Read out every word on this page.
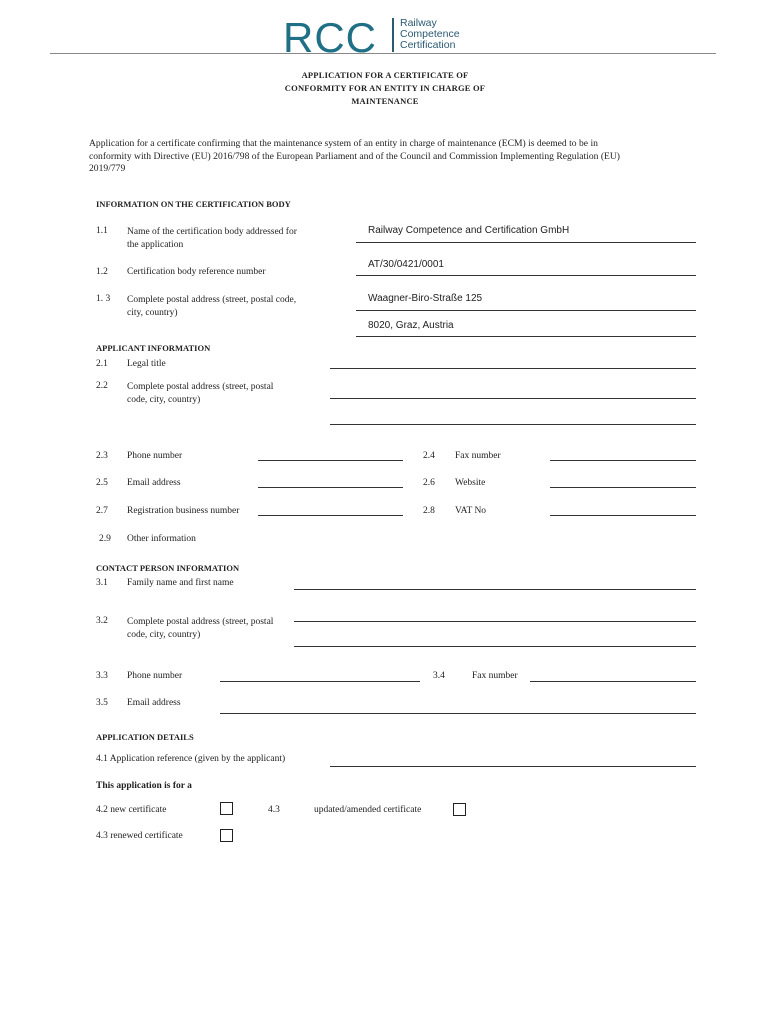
RCC Railway
Competence
Certification
APPLICATION FOR A CERTIFICATE OF
CONFORMITY FOR AN ENTITY IN CHARGE OF
MAINTENANCE
Application for a certificate confirming that the maintenance system of an entity in charge of maintenance (ECM) is deemed to be in
conformity with Directive (EU) 2016/798 of the European Parliament and of the Council and Commission Implementing Regulation (EU)
2019/779
INFORMATION ON THE CERTIFICATION BODY
1.1 Name of the certification body addressed for
the application
Railway Competence and Certification GmbH
1.2 Certification body reference number
AT/30/0421/0001
1. 3 Complete postal address (street, postal code,
city, country)
Waagner-Biro-Straße 125
8020, Graz, Austria
APPLICANT INFORMATION
2.1 Legal title
2.2 Complete postal address (street, postal
code, city, country)
2.3 Phone number	2.4 Fax number
2.5 Email address	2.6 Website
2.7 Registration business number	2.8 VAT No
2.9 Other information
CONTACT PERSON INFORMATION
3.1 Family name and first name
3.2 Complete postal address (street, postal
code, city, country)
3.3 Phone number	3.4	Fax number
3.5 Email address
APPLICATION DETAILS
4.1 Application reference (given by the applicant)
This application is for a
4.2 new certificate	4.3	updated/amended certificate
4.3 renewed certificate
